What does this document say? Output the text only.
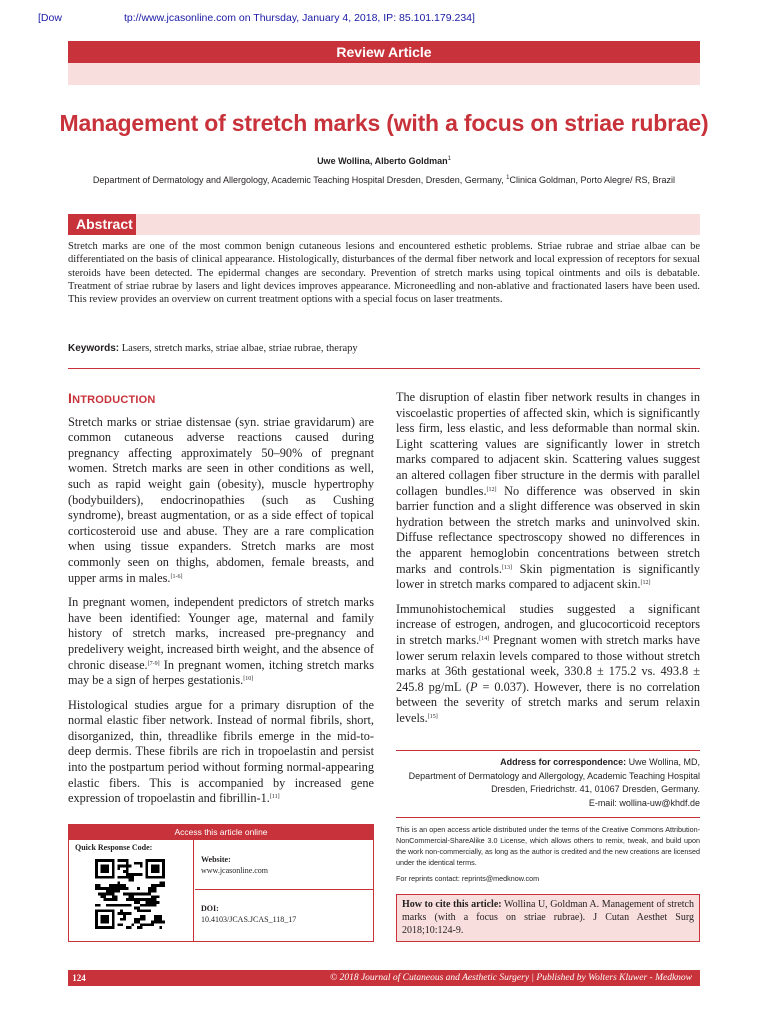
[Dow	tp://www.jcasonline.com on Thursday, January 4, 2018, IP: 85.101.179.234]
Review Article
Management of stretch marks (with a focus on striae rubrae)
Uwe Wollina, Alberto Goldman$^1$
Department of Dermatology and Allergology, Academic Teaching Hospital Dresden, Dresden, Germany, $^1$Clinica Goldman, Porto Alegre/ RS, Brazil
Abstract
Stretch marks are one of the most common benign cutaneous lesions and encountered esthetic problems. Striae rubrae and striae albae can be differentiated on the basis of clinical appearance. Histologically, disturbances of the dermal fiber network and local expression of receptors for sexual steroids have been detected. The epidermal changes are secondary. Prevention of stretch marks using topical ointments and oils is debatable. Treatment of striae rubrae by lasers and light devices improves appearance. Microneedling and non-ablative and fractionated lasers have been used. This review provides an overview on current treatment options with a special focus on laser treatments.
Keywords: Lasers, stretch marks, striae albae, striae rubrae, therapy
INTRODUCTION

Stretch marks or striae distensae (syn. striae gravidarum) are common cutaneous adverse reactions caused during pregnancy affecting approximately 50–90% of pregnant women. Stretch marks are seen in other conditions as well, such as rapid weight gain (obesity), muscle hypertrophy (bodybuilders), endocrinopathies (such as Cushing syndrome), breast augmentation, or as a side effect of topical corticosteroid use and abuse. They are a rare complication when using tissue expanders. Stretch marks are most commonly seen on thighs, abdomen, female breasts, and upper arms in males.[1-6]

In pregnant women, independent predictors of stretch marks have been identified: Younger age, maternal and family history of stretch marks, increased pre-pregnancy and predelivery weight, increased birth weight, and the absence of chronic disease.[7-9] In pregnant women, itching stretch marks may be a sign of herpes gestationis.[10]

Histological studies argue for a primary disruption of the normal elastic fiber network. Instead of normal fibrils, short, disorganized, thin, threadlike fibrils emerge in the mid-to-deep dermis. These fibrils are rich in tropoelastin and persist into the postpartum period without forming normal-appearing elastic fibers. This is accompanied by increased gene expression of tropoelastin and fibrillin-1.[11]

The disruption of elastin fiber network results in changes in viscoelastic properties of affected skin, which is significantly less firm, less elastic, and less deformable than normal skin. Light scattering values are significantly lower in stretch marks compared to adjacent skin. Scattering values suggest an altered collagen fiber structure in the dermis with parallel collagen bundles.[12] No difference was observed in skin barrier function and a slight difference was observed in skin hydration between the stretch marks and uninvolved skin. Diffuse reflectance spectroscopy showed no differences in the apparent hemoglobin concentrations between stretch marks and controls.[13] Skin pigmentation is significantly lower in stretch marks compared to adjacent skin.[12]

Immunohistochemical studies suggested a significant increase of estrogen, androgen, and glucocorticoid receptors in stretch marks.[14] Pregnant women with stretch marks have lower serum relaxin levels compared to those without stretch marks at 36th gestational week, 330.8 ± 175.2 vs. 493.8 ± 245.8 pg/mL (P = 0.037). However, there is no correlation between the severity of stretch marks and serum relaxin levels.[15]

Address for correspondence: Uwe Wollina, MD,
Department of Dermatology and Allergology, Academic Teaching Hospital
Dresden, Friedrichstr. 41, 01067 Dresden, Germany.
E-mail: wollina-uw@khdf.de
Access this article online
Quick Response Code:
Website:
www.jcasonline.com
DOI:
10.4103/JCAS.JCAS_118_17
This is an open access article distributed under the terms of the Creative Commons Attribution-NonCommercial-ShareAlike 3.0 License, which allows others to remix, tweak, and build upon the work non-commercially, as long as the author is credited and the new creations are licensed under the identical terms.
For reprints contact: reprints@medknow.com
How to cite this article: Wollina U, Goldman A. Management of stretch marks (with a focus on striae rubrae). J Cutan Aesthet Surg 2018;10:124-9.
124	© 2018 Journal of Cutaneous and Aesthetic Surgery | Published by Wolters Kluwer - Medknow
